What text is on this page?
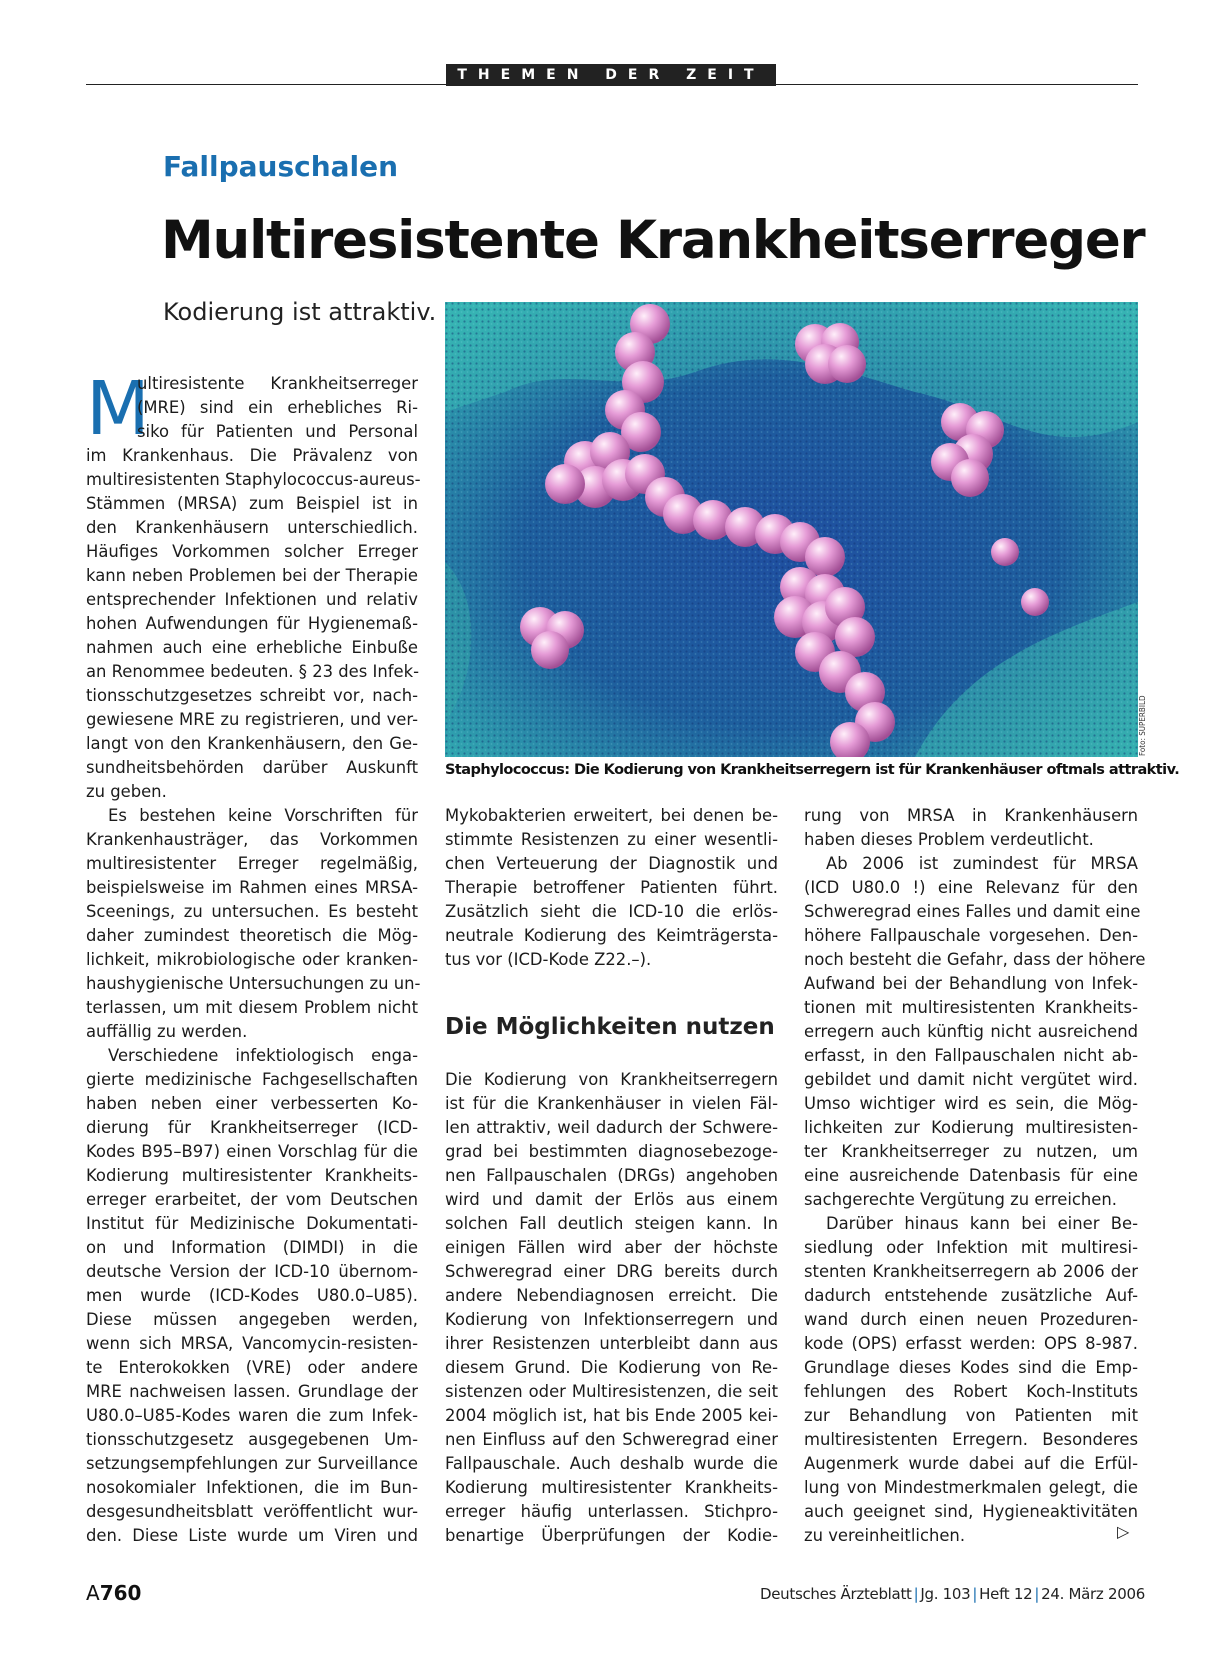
THEMEN DER ZEIT
Fallpauschalen
Multiresistente Krankheitserreger
Kodierung ist attraktiv.
Foto: SUPERBILD
Staphylococcus: Die Kodierung von Krankheitserregern ist für Krankenhäuser oftmals attraktiv.
M
ultiresistente Krankheitserreger
(MRE) sind ein erhebliches Ri-
siko für Patienten und Personal
im Krankenhaus. Die Prävalenz von
multiresistenten Staphylococcus-aureus-
Stämmen (MRSA) zum Beispiel ist in
den Krankenhäusern unterschiedlich.
Häufiges Vorkommen solcher Erreger
kann neben Problemen bei der Therapie
entsprechender Infektionen und relativ
hohen Aufwendungen für Hygienemaß-
nahmen auch eine erhebliche Einbuße
an Renommee bedeuten. § 23 des Infek-
tionsschutzgesetzes schreibt vor, nach-
gewiesene MRE zu registrieren, und ver-
langt von den Krankenhäusern, den Ge-
sundheitsbehörden darüber Auskunft
zu geben.
Es bestehen keine Vorschriften für
Krankenhausträger, das Vorkommen
multiresistenter Erreger regelmäßig,
beispielsweise im Rahmen eines MRSA-
Sceenings, zu untersuchen. Es besteht
daher zumindest theoretisch die Mög-
lichkeit, mikrobiologische oder kranken-
haushygienische Untersuchungen zu un-
terlassen, um mit diesem Problem nicht
auffällig zu werden.
Verschiedene infektiologisch enga-
gierte medizinische Fachgesellschaften
haben neben einer verbesserten Ko-
dierung für Krankheitserreger (ICD-
Kodes B95–B97) einen Vorschlag für die
Kodierung multiresistenter Krankheits-
erreger erarbeitet, der vom Deutschen
Institut für Medizinische Dokumentati-
on und Information (DIMDI) in die
deutsche Version der ICD-10 übernom-
men wurde (ICD-Kodes U80.0–U85).
Diese müssen angegeben werden,
wenn sich MRSA, Vancomycin-resisten-
te Enterokokken (VRE) oder andere
MRE nachweisen lassen. Grundlage der
U80.0–U85-Kodes waren die zum Infek-
tionsschutzgesetz ausgegebenen Um-
setzungsempfehlungen zur Surveillance
nosokomialer Infektionen, die im Bun-
desgesundheitsblatt veröffentlicht wur-
den. Diese Liste wurde um Viren und
Mykobakterien erweitert, bei denen be-
stimmte Resistenzen zu einer wesentli-
chen Verteuerung der Diagnostik und
Therapie betroffener Patienten führt.
Zusätzlich sieht die ICD-10 die erlös-
neutrale Kodierung des Keimträgersta-
tus vor (ICD-Kode Z22.–).
Die Möglichkeiten nutzen
Die Kodierung von Krankheitserregern
ist für die Krankenhäuser in vielen Fäl-
len attraktiv, weil dadurch der Schwere-
grad bei bestimmten diagnosebezoge-
nen Fallpauschalen (DRGs) angehoben
wird und damit der Erlös aus einem
solchen Fall deutlich steigen kann. In
einigen Fällen wird aber der höchste
Schweregrad einer DRG bereits durch
andere Nebendiagnosen erreicht. Die
Kodierung von Infektionserregern und
ihrer Resistenzen unterbleibt dann aus
diesem Grund. Die Kodierung von Re-
sistenzen oder Multiresistenzen, die seit
2004 möglich ist, hat bis Ende 2005 kei-
nen Einfluss auf den Schweregrad einer
Fallpauschale. Auch deshalb wurde die
Kodierung multiresistenter Krankheits-
erreger häufig unterlassen. Stichpro-
benartige Überprüfungen der Kodie-
rung von MRSA in Krankenhäusern
haben dieses Problem verdeutlicht.
Ab 2006 ist zumindest für MRSA
(ICD U80.0 !) eine Relevanz für den
Schweregrad eines Falles und damit eine
höhere Fallpauschale vorgesehen. Den-
noch besteht die Gefahr, dass der höhere
Aufwand bei der Behandlung von Infek-
tionen mit multiresistenten Krankheits-
erregern auch künftig nicht ausreichend
erfasst, in den Fallpauschalen nicht ab-
gebildet und damit nicht vergütet wird.
Umso wichtiger wird es sein, die Mög-
lichkeiten zur Kodierung multiresisten-
ter Krankheitserreger zu nutzen, um
eine ausreichende Datenbasis für eine
sachgerechte Vergütung zu erreichen.
Darüber hinaus kann bei einer Be-
siedlung oder Infektion mit multiresi-
stenten Krankheitserregern ab 2006 der
dadurch entstehende zusätzliche Auf-
wand durch einen neuen Prozeduren-
kode (OPS) erfasst werden: OPS 8-987.
Grundlage dieses Kodes sind die Emp-
fehlungen des Robert Koch-Instituts
zur Behandlung von Patienten mit
multiresistenten Erregern. Besonderes
Augenmerk wurde dabei auf die Erfül-
lung von Mindestmerkmalen gelegt, die
auch geeignet sind, Hygieneaktivitäten
zu vereinheitlichen.	▷
A760	Deutsches Ärzteblatt | Jg. 103 | Heft 12 | 24. März 2006
